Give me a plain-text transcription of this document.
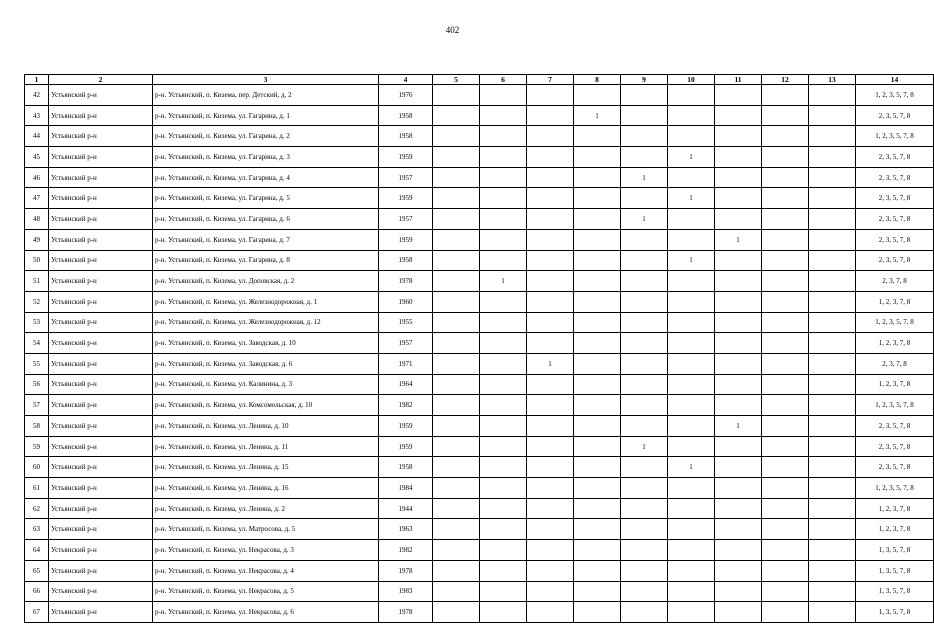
402
1	2	3	4	5	6	7	8	9	10	11	12	13	14
42	Устьянский р-н	р-н. Устьянский, п. Кизема, пер. Детский, д. 2	1976										1, 2, 3, 5, 7, 8
43	Устьянский р-н	р-н. Устьянский, п. Кизема, ул. Гагарина, д. 1	1958				1						2, 3, 5, 7, 8
44	Устьянский р-н	р-н. Устьянский, п. Кизема, ул. Гагарина, д. 2	1958										1, 2, 3, 5, 7, 8
45	Устьянский р-н	р-н. Устьянский, п. Кизема, ул. Гагарина, д. 3	1959						1				2, 3, 5, 7, 8
46	Устьянский р-н	р-н. Устьянский, п. Кизема, ул. Гагарина, д. 4	1957					1					2, 3, 5, 7, 8
47	Устьянский р-н	р-н. Устьянский, п. Кизема, ул. Гагарина, д. 5	1959						1				2, 3, 5, 7, 8
48	Устьянский р-н	р-н. Устьянский, п. Кизема, ул. Гагарина, д. 6	1957					1					2, 3, 5, 7, 8
49	Устьянский р-н	р-н. Устьянский, п. Кизема, ул. Гагарина, д. 7	1959							1			2, 3, 5, 7, 8
50	Устьянский р-н	р-н. Устьянский, п. Кизема, ул. Гагарина, д. 8	1958						1				2, 3, 5, 7, 8
51	Устьянский р-н	р-н. Устьянский, п. Кизема, ул. Доповская, д. 2	1978		1								2, 3, 7, 8
52	Устьянский р-н	р-н. Устьянский, п. Кизема, ул. Железнодорожная, д. 1	1960										1, 2, 3, 7, 8
53	Устьянский р-н	р-н. Устьянский, п. Кизема, ул. Железнодорожная, д. 12	1955										1, 2, 3, 5, 7, 8
54	Устьянский р-н	р-н. Устьянский, п. Кизема, ул. Заводская, д. 10	1957										1, 2, 3, 7, 8
55	Устьянский р-н	р-н. Устьянский, п. Кизема, ул. Заводская, д. 6	1971			1							2, 3, 7, 8
56	Устьянский р-н	р-н. Устьянский, п. Кизема, ул. Калинина, д. 3	1964										1, 2, 3, 7, 8
57	Устьянский р-н	р-н. Устьянский, п. Кизема, ул. Комсомольская, д. 10	1982										1, 2, 3, 5, 7, 8
58	Устьянский р-н	р-н. Устьянский, п. Кизема, ул. Ленина, д. 10	1959							1			2, 3, 5, 7, 8
59	Устьянский р-н	р-н. Устьянский, п. Кизема, ул. Ленина, д. 11	1959					1					2, 3, 5, 7, 8
60	Устьянский р-н	р-н. Устьянский, п. Кизема, ул. Ленина, д. 15	1958						1				2, 3, 5, 7, 8
61	Устьянский р-н	р-н. Устьянский, п. Кизема, ул. Ленина, д. 16	1984										1, 2, 3, 5, 7, 8
62	Устьянский р-н	р-н. Устьянский, п. Кизема, ул. Ленина, д. 2	1944										1, 2, 3, 7, 8
63	Устьянский р-н	р-н. Устьянский, п. Кизема, ул. Матросова, д. 5	1963										1, 2, 3, 7, 8
64	Устьянский р-н	р-н. Устьянский, п. Кизема, ул. Некрасова, д. 3	1982										1, 3, 5, 7, 8
65	Устьянский р-н	р-н. Устьянский, п. Кизема, ул. Некрасова, д. 4	1978										1, 3, 5, 7, 8
66	Устьянский р-н	р-н. Устьянский, п. Кизема, ул. Некрасова, д. 5	1983										1, 3, 5, 7, 8
67	Устьянский р-н	р-н. Устьянский, п. Кизема, ул. Некрасова, д. 6	1978										1, 3, 5, 7, 8
